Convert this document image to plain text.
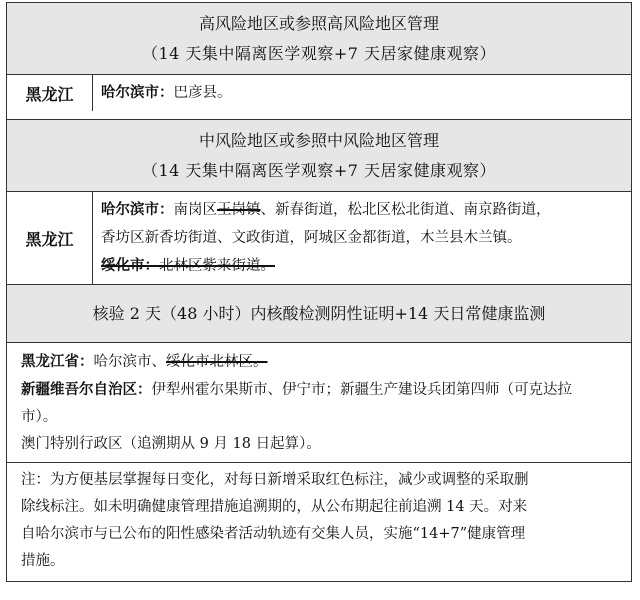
高风险地区或参照高风险地区管理
（14 天集中隔离医学观察+7 天居家健康观察）
黑龙江	哈尔滨市：巴彦县。
中风险地区或参照中风险地区管理
（14 天集中隔离医学观察+7 天居家健康观察）
黑龙江
哈尔滨市：南岗区王岗镇、新春街道，松北区松北街道、南京路街道，
香坊区新香坊街道、文政街道，阿城区金都街道，木兰县木兰镇。
绥化市：北林区紫来街道。
核验 2 天（48 小时）内核酸检测阴性证明+14 天日常健康监测
黑龙江省：哈尔滨市、绥化市北林区。
新疆维吾尔自治区：伊犁州霍尔果斯市、伊宁市；新疆生产建设兵团第四师（可克达拉
市）。
澳门特别行政区（追溯期从 9 月 18 日起算）。
注：为方便基层掌握每日变化，对每日新增采取红色标注，减少或调整的采取删
除线标注。如未明确健康管理措施追溯期的，从公布期起往前追溯 14 天。对来
自哈尔滨市与已公布的阳性感染者活动轨迹有交集人员，实施“14+7”健康管理
措施。
